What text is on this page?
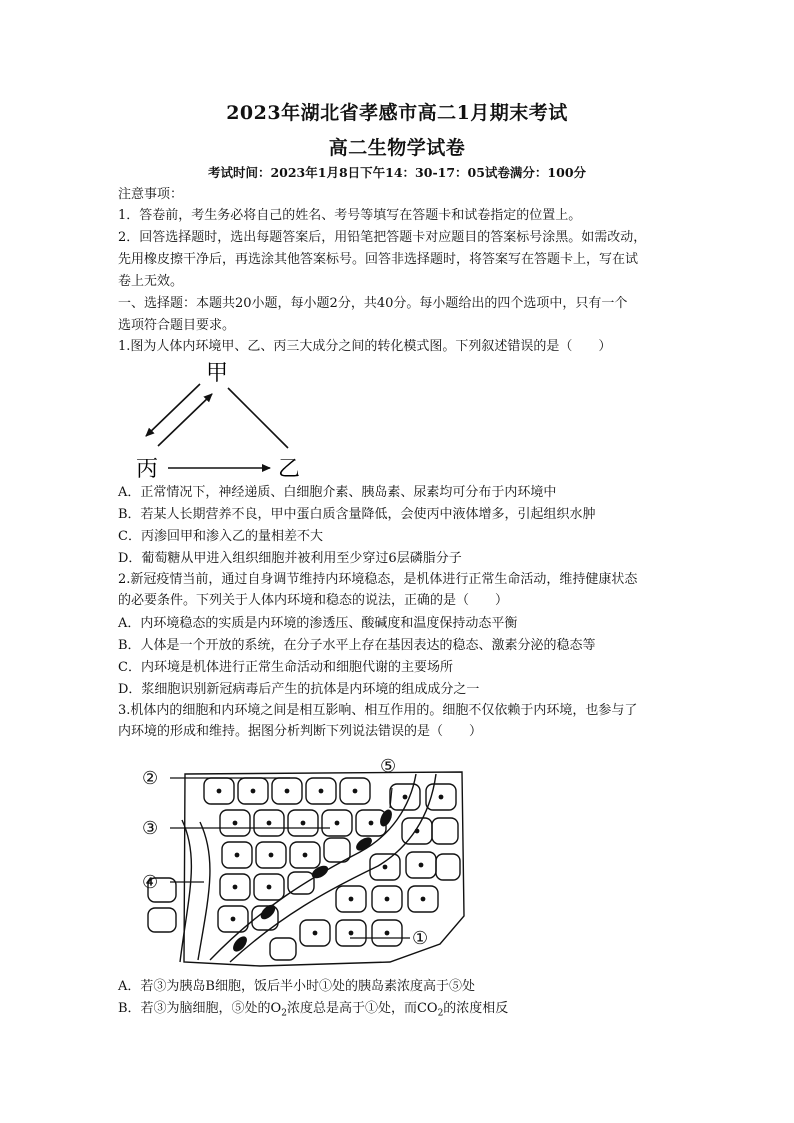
2023年湖北省孝感市高二1月期末考试
高二生物学试卷
考试时间：2023年1月8日下午14：30-17：05试卷满分：100分
注意事项：
1．答卷前，考生务必将自己的姓名、考号等填写在答题卡和试卷指定的位置上。
2．回答选择题时，选出每题答案后，用铅笔把答题卡对应题目的答案标号涂黑。如需改动，
先用橡皮擦干净后，再选涂其他答案标号。回答非选择题时，将答案写在答题卡上，写在试
卷上无效。
一、选择题：本题共20小题，每小题2分，共40分。每小题给出的四个选项中，只有一个
选项符合题目要求。
1.图为人体内环境甲、乙、丙三大成分之间的转化模式图。下列叙述错误的是（　　）
甲
丙	乙
A．正常情况下，神经递质、白细胞介素、胰岛素、尿素均可分布于内环境中
B．若某人长期营养不良，甲中蛋白质含量降低，会使丙中液体增多，引起组织水肿
C．丙渗回甲和渗入乙的量相差不大
D．葡萄糖从甲进入组织细胞并被利用至少穿过6层磷脂分子
2.新冠疫情当前，通过自身调节维持内环境稳态，是机体进行正常生命活动，维持健康状态
的必要条件。下列关于人体内环境和稳态的说法，正确的是（　　）
A．内环境稳态的实质是内环境的渗透压、酸碱度和温度保持动态平衡
B．人体是一个开放的系统，在分子水平上存在基因表达的稳态、激素分泌的稳态等
C．内环境是机体进行正常生命活动和细胞代谢的主要场所
D．浆细胞识别新冠病毒后产生的抗体是内环境的组成成分之一
3.机体内的细胞和内环境之间是相互影响、相互作用的。细胞不仅依赖于内环境，也参与了
内环境的形成和维持。据图分析判断下列说法错误的是（　　）
②
③
④
⑤
①
A．若③为胰岛B细胞，饭后半小时①处的胰岛素浓度高于⑤处
B．若③为脑细胞，⑤处的$O_2$浓度总是高于①处，而$CO_2$的浓度相反
